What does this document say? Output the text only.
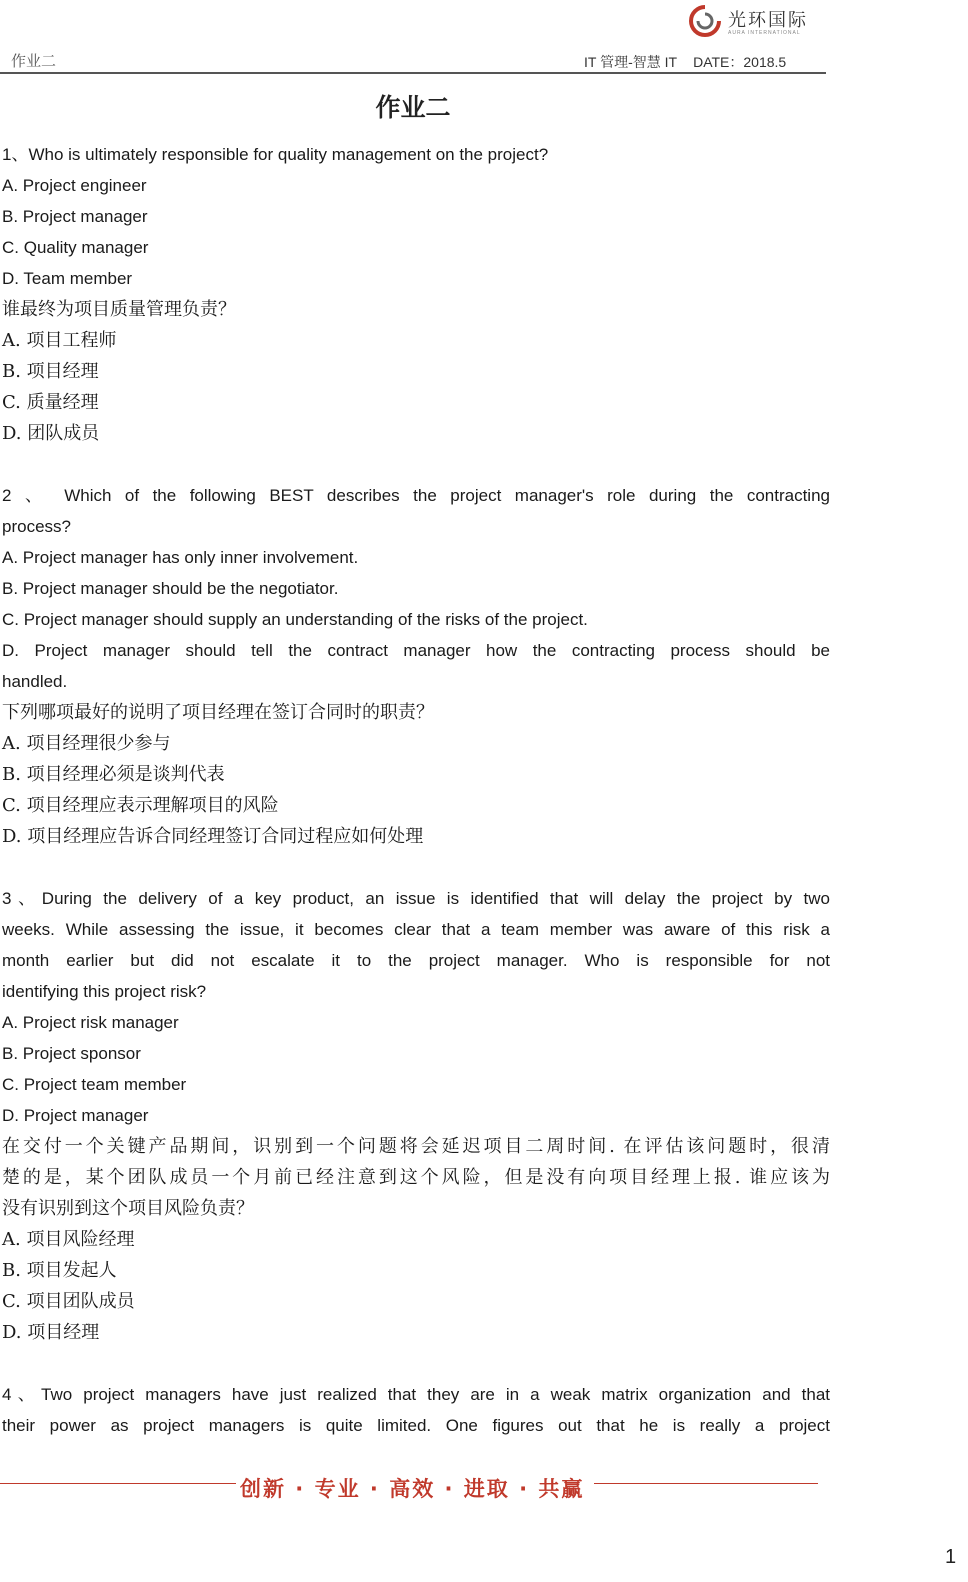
作业二
光环国际
AURA INTERNATIONAL
IT 管理-智慧 IT DATE：2018.5
作业二
1、Who is ultimately responsible for quality management on the project?
A. Project engineer
B. Project manager
C. Quality manager
D. Team member
谁最终为项目质量管理负责？
A. 项目工程师
B. 项目经理
C. 质量经理
D. 团队成员
2 、 Which of the following BEST describes the project manager's role during the contracting
process?
A. Project manager has only inner involvement.
B. Project manager should be the negotiator.
C. Project manager should supply an understanding of the risks of the project.
D. Project manager should tell the contract manager how the contracting process should be
handled.
下列哪项最好的说明了项目经理在签订合同时的职责？
A. 项目经理很少参与
B. 项目经理必须是谈判代表
C. 项目经理应表示理解项目的风险
D. 项目经理应告诉合同经理签订合同过程应如何处理
3、During the delivery of a key product, an issue is identified that will delay the project by two
weeks. While assessing the issue, it becomes clear that a team member was aware of this risk a
month earlier but did not escalate it to the project manager. Who is responsible for not
identifying this project risk?
A. Project risk manager
B. Project sponsor
C. Project team member
D. Project manager
在交付一个关键产品期间，识别到一个问题将会延迟项目二周时间. 在评估该问题时，很清
楚的是，某个团队成员一个月前已经注意到这个风险，但是没有向项目经理上报. 谁应该为
没有识别到这个项目风险负责？
A. 项目风险经理
B. 项目发起人
C. 项目团队成员
D. 项目经理
4、Two project managers have just realized that they are in a weak matrix organization and that
their power as project managers is quite limited. One figures out that he is really a project
创新 · 专业 · 高效 · 进取 · 共赢
1
